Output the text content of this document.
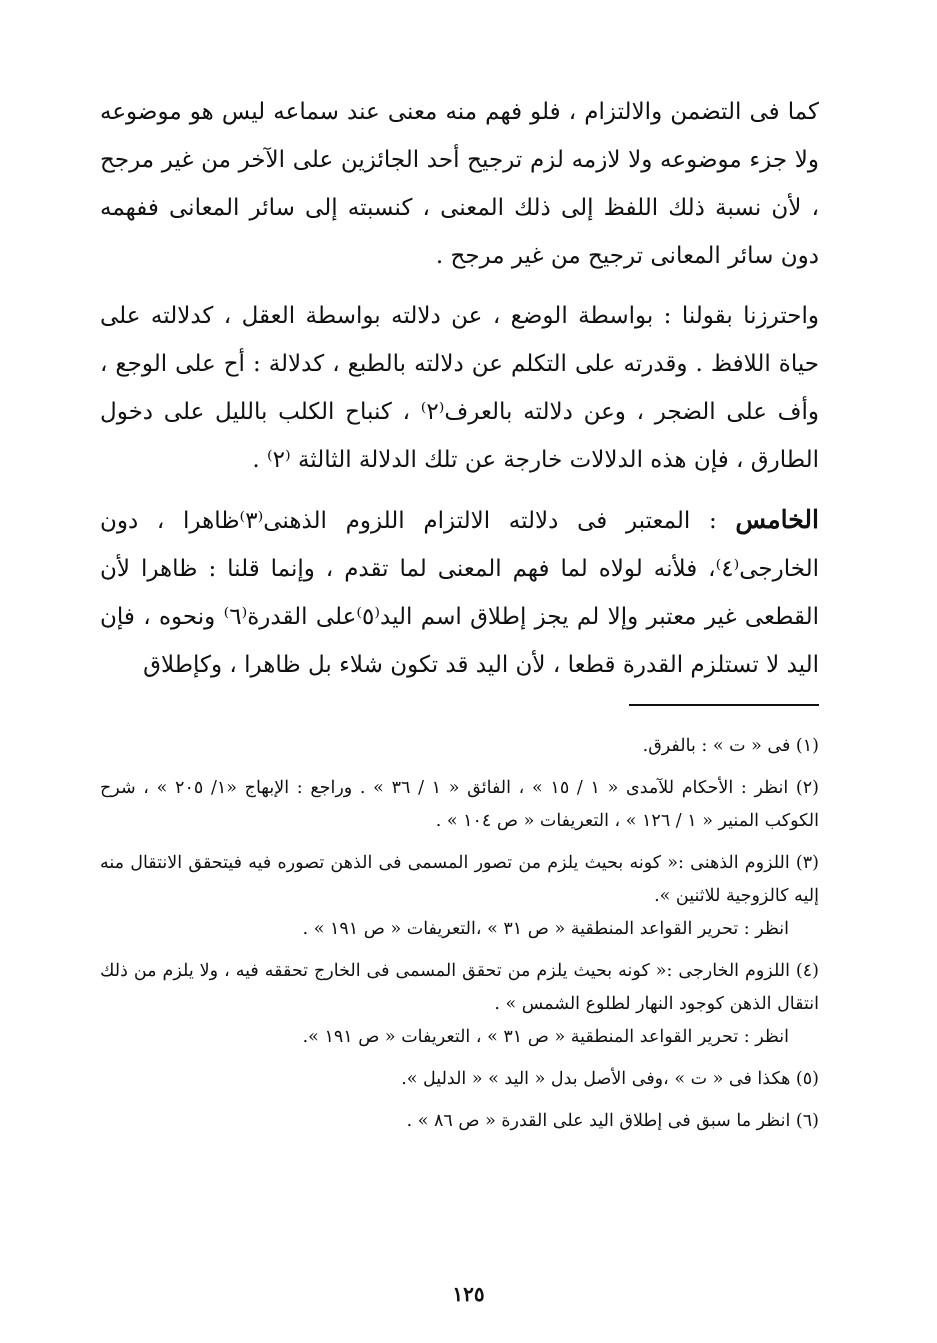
كما فى التضمن والالتزام ، فلو فهم منه معنى عند سماعه ليس هو موضوعه ولا جزء موضوعه ولا لازمه لزم ترجيح أحد الجائزين على الآخر من غير مرجح ، لأن نسبة ذلك اللفظ إلى ذلك المعنى ، كنسبته إلى سائر المعانى ففهمه دون سائر المعانى ترجيح من غير مرجح .

واحترزنا بقولنا : بواسطة الوضع ، عن دلالته بواسطة العقل ، كدلالته على حياة اللافظ . وقدرته على التكلم عن دلالته بالطبع ، كدلالة : أح على الوجع ، وأف على الضجر ، وعن دلالته بالعرف⁽٢⁾ ، كنباح الكلب بالليل على دخول الطارق ، فإن هذه الدلالات خارجة عن تلك الدلالة الثالثة ⁽٢⁾ .

الخامس : المعتبر فى دلالته الالتزام اللزوم الذهنى⁽٣⁾ظاهرا ، دون الخارجى⁽٤⁾، فلأنه لولاه لما فهم المعنى لما تقدم ، وإنما قلنا : ظاهرا لأن القطعى غير معتبر وإلا لم يجز إطلاق اسم اليد⁽٥⁾على القدرة⁽٦⁾ ونحوه ، فإن اليد لا تستلزم القدرة قطعا ، لأن اليد قد تكون شلاء بل ظاهرا ، وكإطلاق

(١) فى « ت » : بالفرق.
(٢) انظر : الأحكام للآمدى « ١ / ١٥ » ، الفائق « ١ / ٣٦ » . وراجع : الإبهاج «١/ ٢٠٥ » ، شرح الكوكب المنير « ١ / ١٢٦ » ، التعريفات « ص ١٠٤ » .
(٣) اللزوم الذهنى :« كونه بحيث يلزم من تصور المسمى فى الذهن تصوره فيه فيتحقق الانتقال منه إليه كالزوجية للاثنين ».
انظر : تحرير القواعد المنطقية « ص ٣١ » ،التعريفات « ص ١٩١ » .
(٤) اللزوم الخارجى :« كونه بحيث يلزم من تحقق المسمى فى الخارج تحققه فيه ، ولا يلزم من ذلك انتقال الذهن كوجود النهار لطلوع الشمس » .
انظر : تحرير القواعد المنطقية « ص ٣١ » ، التعريفات « ص ١٩١ ».
(٥) هكذا فى « ت » ،وفى الأصل بدل « اليد » « الدليل ».
(٦) انظر ما سبق فى إطلاق اليد على القدرة « ص ٨٦ » .
١٢٥
